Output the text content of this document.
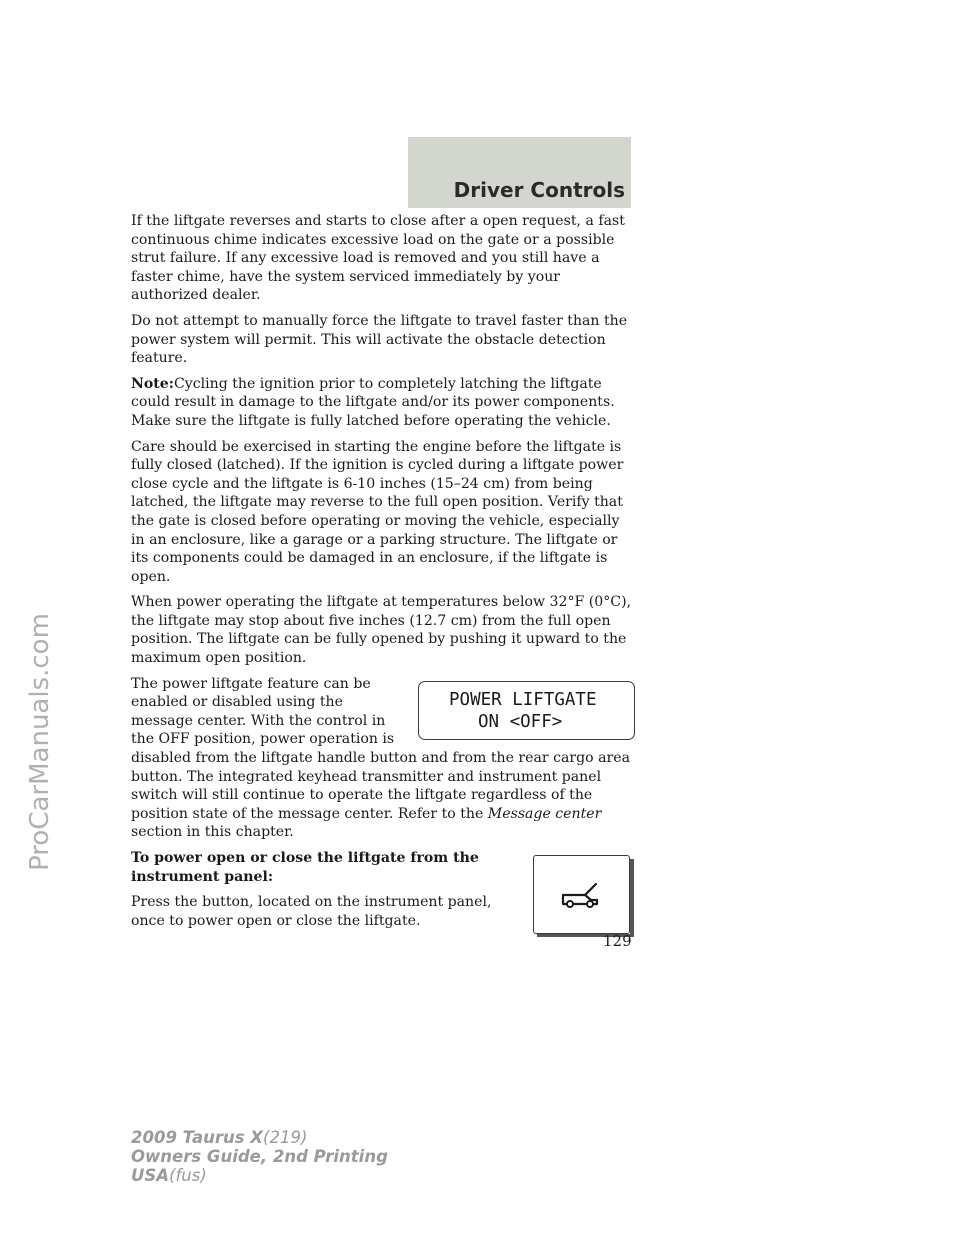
Driver Controls
ProCarManuals.com

If the liftgate reverses and starts to close after a open request, a fast continuous chime indicates excessive load on the gate or a possible strut failure. If any excessive load is removed and you still have a faster chime, have the system serviced immediately by your authorized dealer.

Do not attempt to manually force the liftgate to travel faster than the power system will permit. This will activate the obstacle detection feature.

Note:Cycling the ignition prior to completely latching the liftgate could result in damage to the liftgate and/or its power components. Make sure the liftgate is fully latched before operating the vehicle.

Care should be exercised in starting the engine before the liftgate is fully closed (latched). If the ignition is cycled during a liftgate power close cycle and the liftgate is 6-10 inches (15–24 cm) from being latched, the liftgate may reverse to the full open position. Verify that the gate is closed before operating or moving the vehicle, especially in an enclosure, like a garage or a parking structure. The liftgate or its components could be damaged in an enclosure, if the liftgate is open.

When power operating the liftgate at temperatures below 32°F (0°C), the liftgate may stop about five inches (12.7 cm) from the full open position. The liftgate can be fully opened by pushing it upward to the maximum open position.

POWER LIFTGATE
ON <OFF>

The power liftgate feature can be enabled or disabled using the message center. With the control in the OFF position, power operation is disabled from the liftgate handle button and from the rear cargo area button. The integrated keyhead transmitter and instrument panel switch will still continue to operate the liftgate regardless of the position state of the message center. Refer to the Message center section in this chapter.

To power open or close the liftgate from the instrument panel:

Press the button, located on the instrument panel, once to power open or close the liftgate.

129
2009 Taurus X(219)
Owners Guide, 2nd Printing
USA(fus)
